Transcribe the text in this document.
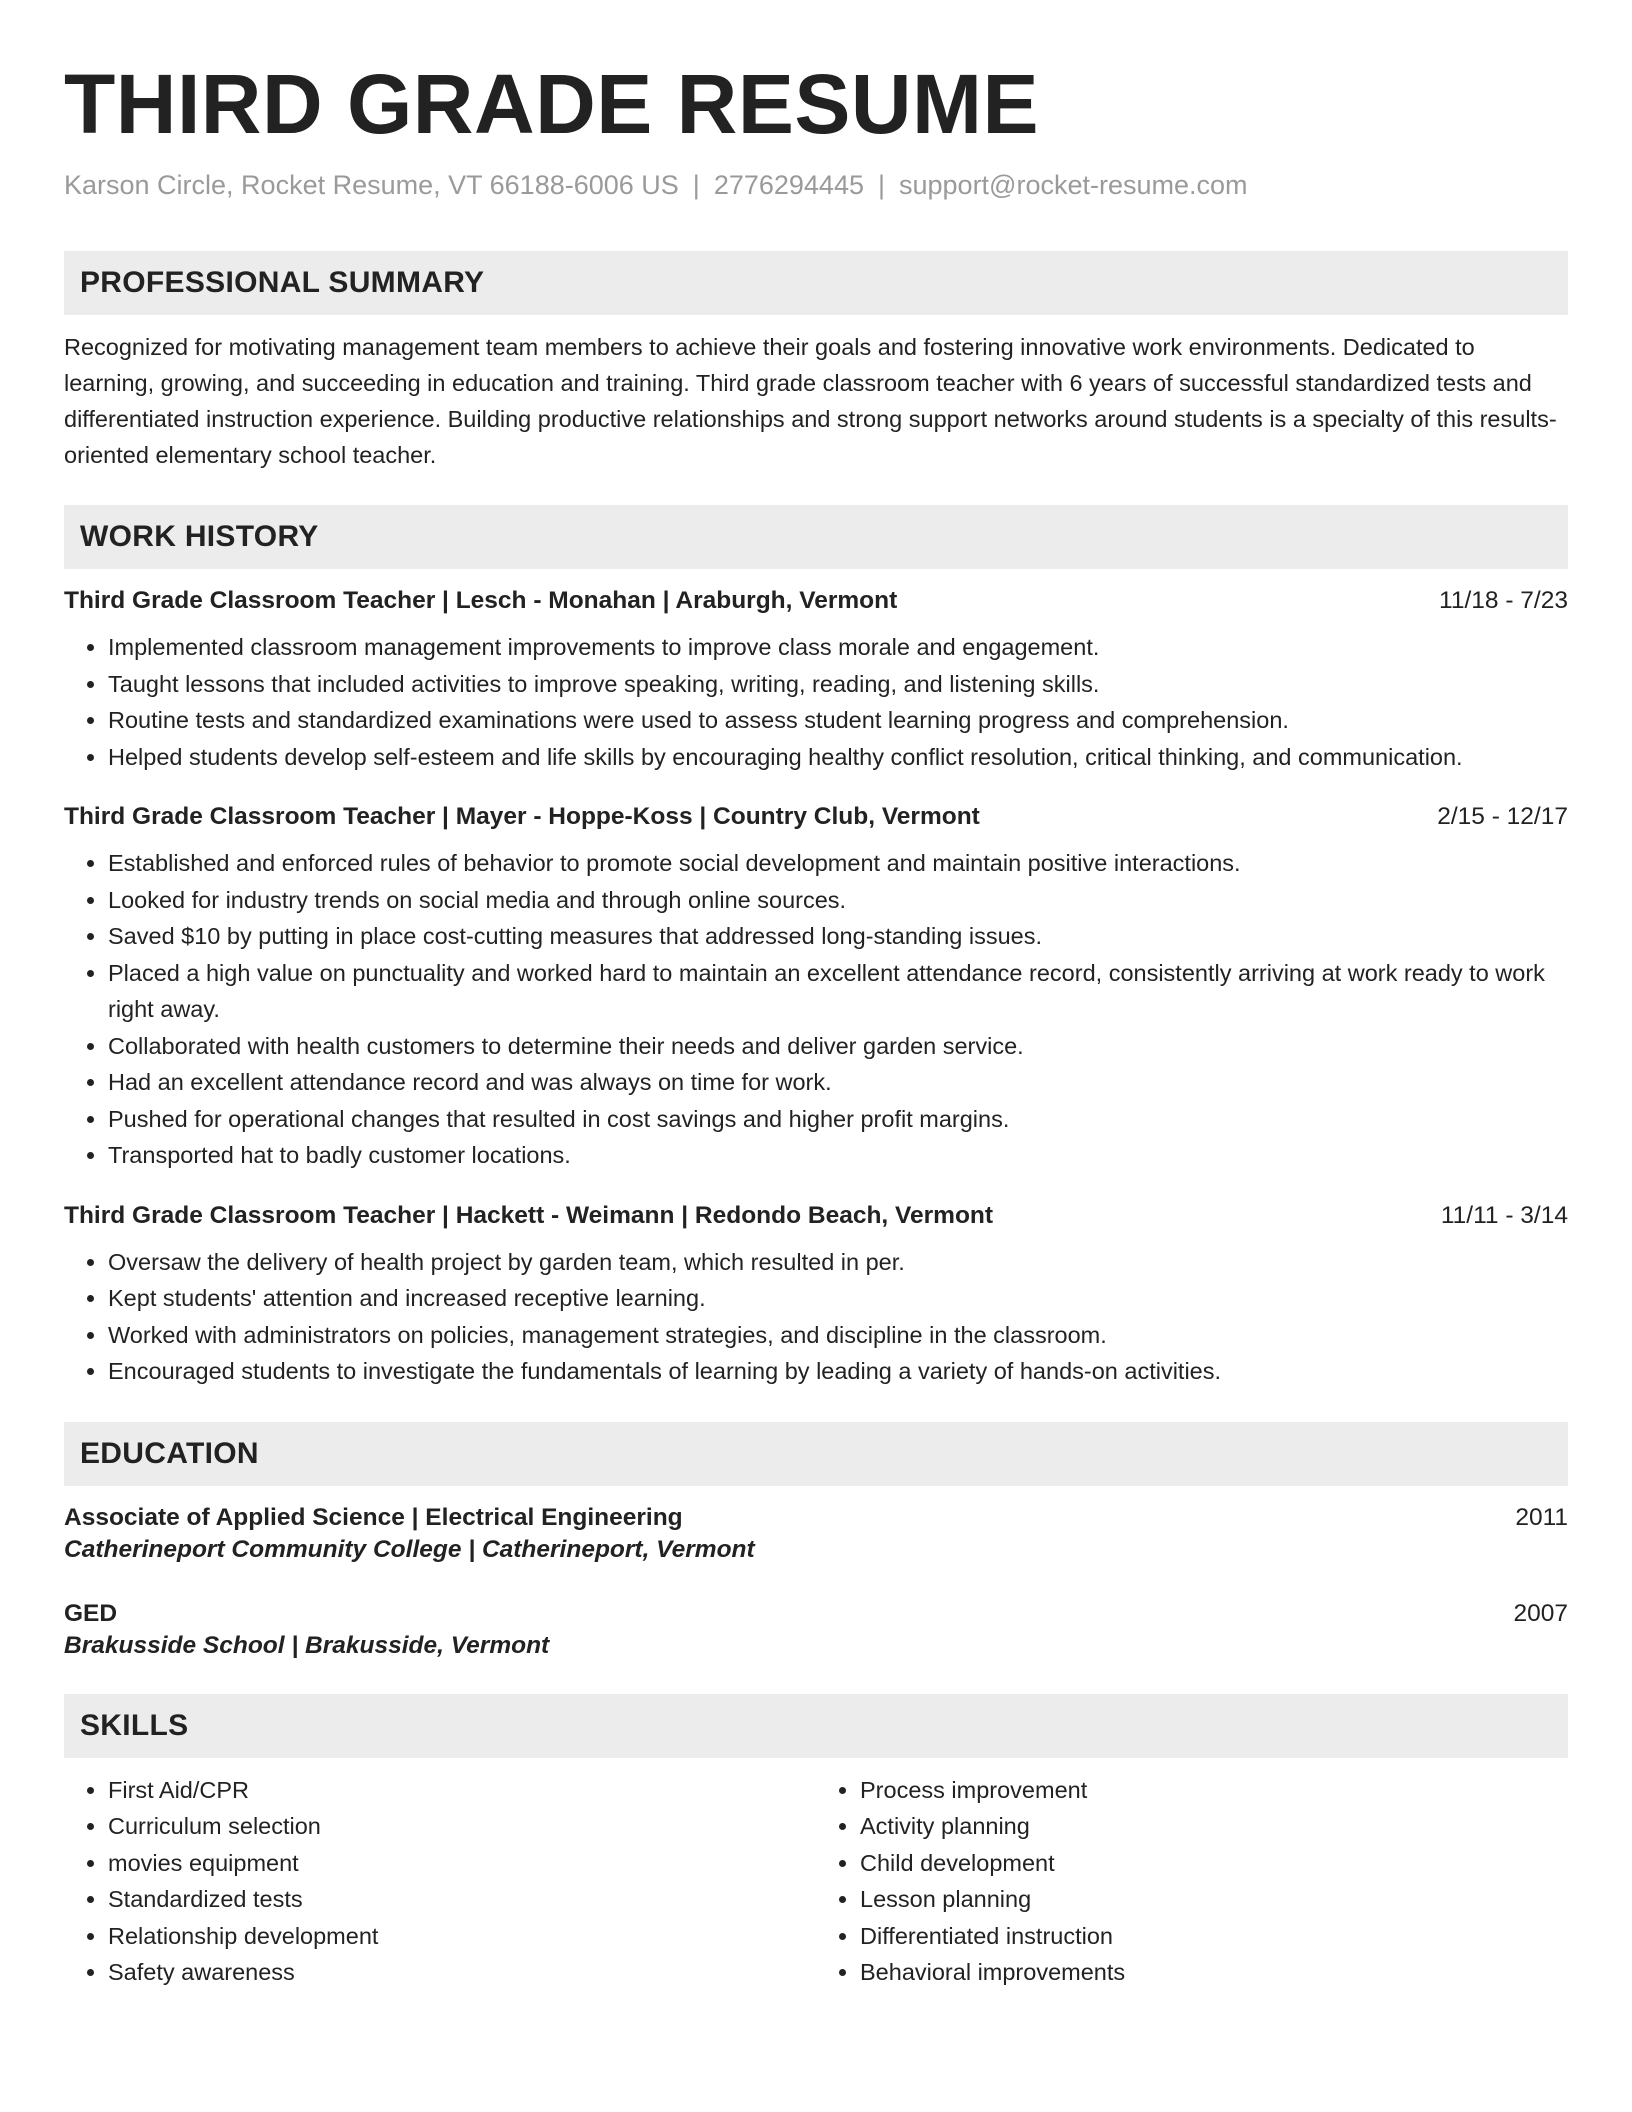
THIRD GRADE RESUME
Karson Circle, Rocket Resume, VT 66188-6006 US | 2776294445 | support@rocket-resume.com
PROFESSIONAL SUMMARY
Recognized for motivating management team members to achieve their goals and fostering innovative work environments. Dedicated to learning, growing, and succeeding in education and training. Third grade classroom teacher with 6 years of successful standardized tests and differentiated instruction experience. Building productive relationships and strong support networks around students is a specialty of this results-oriented elementary school teacher.
WORK HISTORY
Third Grade Classroom Teacher | Lesch - Monahan | Araburgh, Vermont	11/18 - 7/23
• Implemented classroom management improvements to improve class morale and engagement.
• Taught lessons that included activities to improve speaking, writing, reading, and listening skills.
• Routine tests and standardized examinations were used to assess student learning progress and comprehension.
• Helped students develop self-esteem and life skills by encouraging healthy conflict resolution, critical thinking, and communication.
Third Grade Classroom Teacher | Mayer - Hoppe-Koss | Country Club, Vermont	2/15 - 12/17
• Established and enforced rules of behavior to promote social development and maintain positive interactions.
• Looked for industry trends on social media and through online sources.
• Saved $10 by putting in place cost-cutting measures that addressed long-standing issues.
• Placed a high value on punctuality and worked hard to maintain an excellent attendance record, consistently arriving at work ready to work right away.
• Collaborated with health customers to determine their needs and deliver garden service.
• Had an excellent attendance record and was always on time for work.
• Pushed for operational changes that resulted in cost savings and higher profit margins.
• Transported hat to badly customer locations.
Third Grade Classroom Teacher | Hackett - Weimann | Redondo Beach, Vermont	11/11 - 3/14
• Oversaw the delivery of health project by garden team, which resulted in per.
• Kept students' attention and increased receptive learning.
• Worked with administrators on policies, management strategies, and discipline in the classroom.
• Encouraged students to investigate the fundamentals of learning by leading a variety of hands-on activities.
EDUCATION
Associate of Applied Science | Electrical Engineering	2011
Catherineport Community College | Catherineport, Vermont
GED	2007
Brakusside School | Brakusside, Vermont
SKILLS
• First Aid/CPR
• Curriculum selection
• movies equipment
• Standardized tests
• Relationship development
• Safety awareness
• Process improvement
• Activity planning
• Child development
• Lesson planning
• Differentiated instruction
• Behavioral improvements
